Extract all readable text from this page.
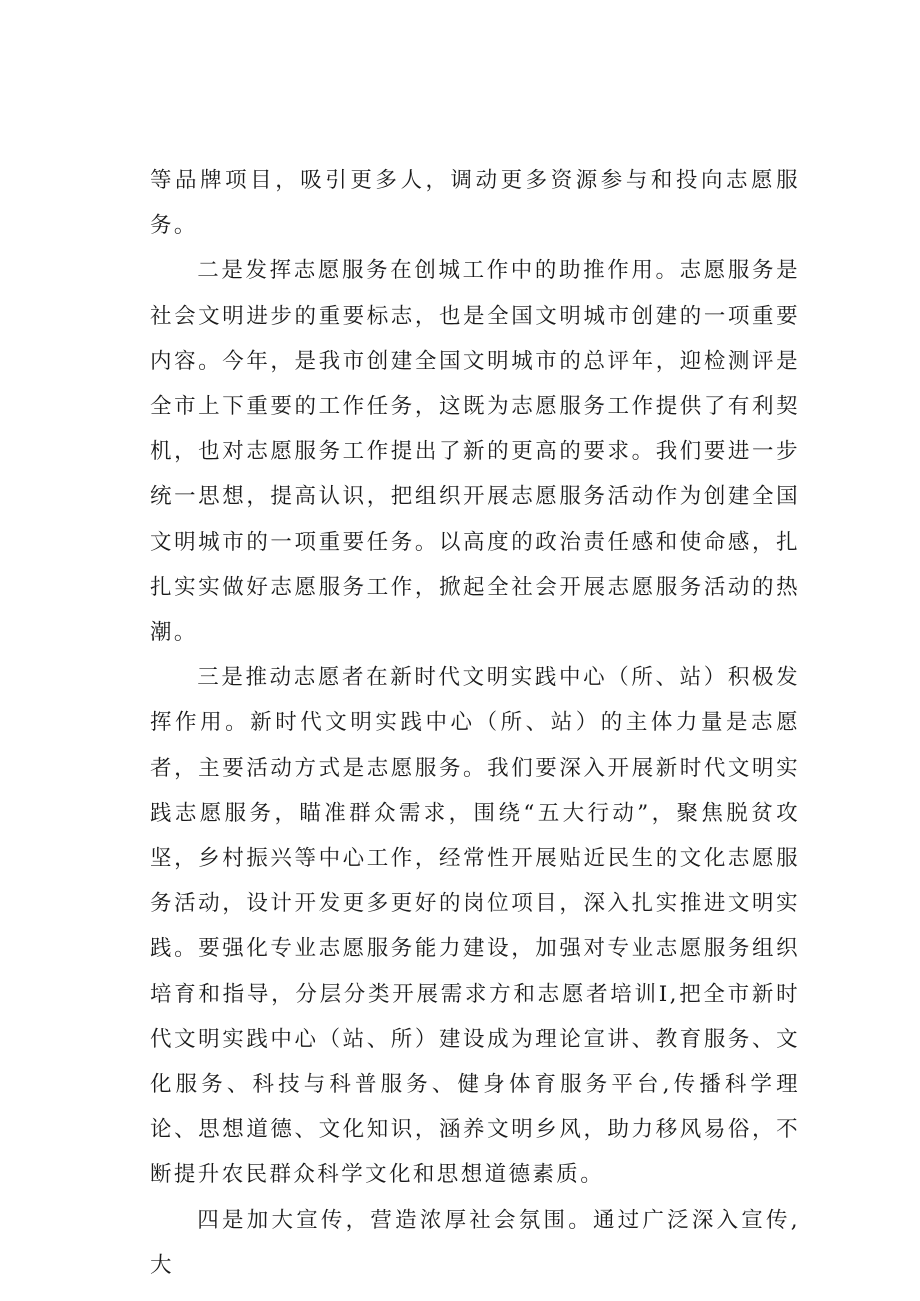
等品牌项目，吸引更多人，调动更多资源参与和投向志愿服务。

二是发挥志愿服务在创城工作中的助推作用。志愿服务是社会文明进步的重要标志，也是全国文明城市创建的一项重要内容。今年，是我市创建全国文明城市的总评年，迎检测评是全市上下重要的工作任务，这既为志愿服务工作提供了有利契机，也对志愿服务工作提出了新的更高的要求。我们要进一步统一思想，提高认识，把组织开展志愿服务活动作为创建全国文明城市的一项重要任务。以高度的政治责任感和使命感，扎扎实实做好志愿服务工作，掀起全社会开展志愿服务活动的热潮。

三是推动志愿者在新时代文明实践中心（所、站）积极发挥作用。新时代文明实践中心（所、站）的主体力量是志愿者，主要活动方式是志愿服务。我们要深入开展新时代文明实践志愿服务，瞄准群众需求，围绕“五大行动”，聚焦脱贫攻坚，乡村振兴等中心工作，经常性开展贴近民生的文化志愿服务活动，设计开发更多更好的岗位项目，深入扎实推进文明实践。要强化专业志愿服务能力建设，加强对专业志愿服务组织培育和指导，分层分类开展需求方和志愿者培训I,把全市新时代文明实践中心（站、所）建设成为理论宣讲、教育服务、文化服务、科技与科普服务、健身体育服务平台,传播科学理论、思想道德、文化知识，涵养文明乡风，助力移风易俗，不断提升农民群众科学文化和思想道德素质。

四是加大宣传，营造浓厚社会氛围。通过广泛深入宣传,大
